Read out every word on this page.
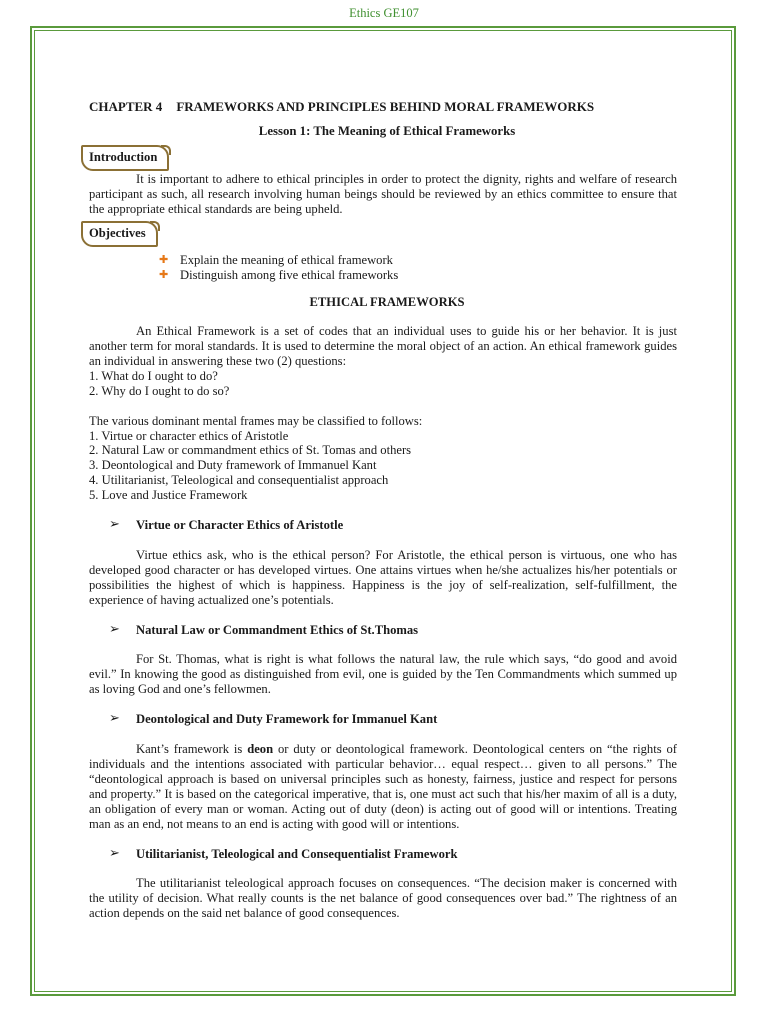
Ethics GE107

CHAPTER 4 FRAMEWORKS AND PRINCIPLES BEHIND MORAL FRAMEWORKS

Lesson 1: The Meaning of Ethical Frameworks

Introduction

It is important to adhere to ethical principles in order to protect the dignity, rights and welfare of research participant as such, all research involving human beings should be reviewed by an ethics committee to ensure that the appropriate ethical standards are being upheld.

Objectives
✚ Explain the meaning of ethical framework
✚ Distinguish among five ethical frameworks

ETHICAL FRAMEWORKS

An Ethical Framework is a set of codes that an individual uses to guide his or her behavior. It is just another term for moral standards. It is used to determine the moral object of an action. An ethical framework guides an individual in answering these two (2) questions:

1. What do I ought to do?

2. Why do I ought to do so?

The various dominant mental frames may be classified to follows:

1. Virtue or character ethics of Aristotle

2. Natural Law or commandment ethics of St. Tomas and others

3. Deontological and Duty framework of Immanuel Kant

4. Utilitarianist, Teleological and consequentialist approach

5. Love and Justice Framework

➢ Virtue or Character Ethics of Aristotle

Virtue ethics ask, who is the ethical person? For Aristotle, the ethical person is virtuous, one who has developed good character or has developed virtues. One attains virtues when he/she actualizes his/her potentials or possibilities the highest of which is happiness. Happiness is the joy of self-realization, self-fulfillment, the experience of having actualized one’s potentials.

➢ Natural Law or Commandment Ethics of St.Thomas

For St. Thomas, what is right is what follows the natural law, the rule which says, “do good and avoid evil.” In knowing the good as distinguished from evil, one is guided by the Ten Commandments which summed up as loving God and one’s fellowmen.

➢ Deontological and Duty Framework for Immanuel Kant

Kant’s framework is deon or duty or deontological framework. Deontological centers on “the rights of individuals and the intentions associated with particular behavior… equal respect… given to all persons.” The “deontological approach is based on universal principles such as honesty, fairness, justice and respect for persons and property.” It is based on the categorical imperative, that is, one must act such that his/her maxim of all is a duty, an obligation of every man or woman. Acting out of duty (deon) is acting out of good will or intentions. Treating man as an end, not means to an end is acting with good will or intentions.

➢ Utilitarianist, Teleological and Consequentialist Framework

The utilitarianist teleological approach focuses on consequences. “The decision maker is concerned with the utility of decision. What really counts is the net balance of good consequences over bad.” The rightness of an action depends on the said net balance of good consequences.
